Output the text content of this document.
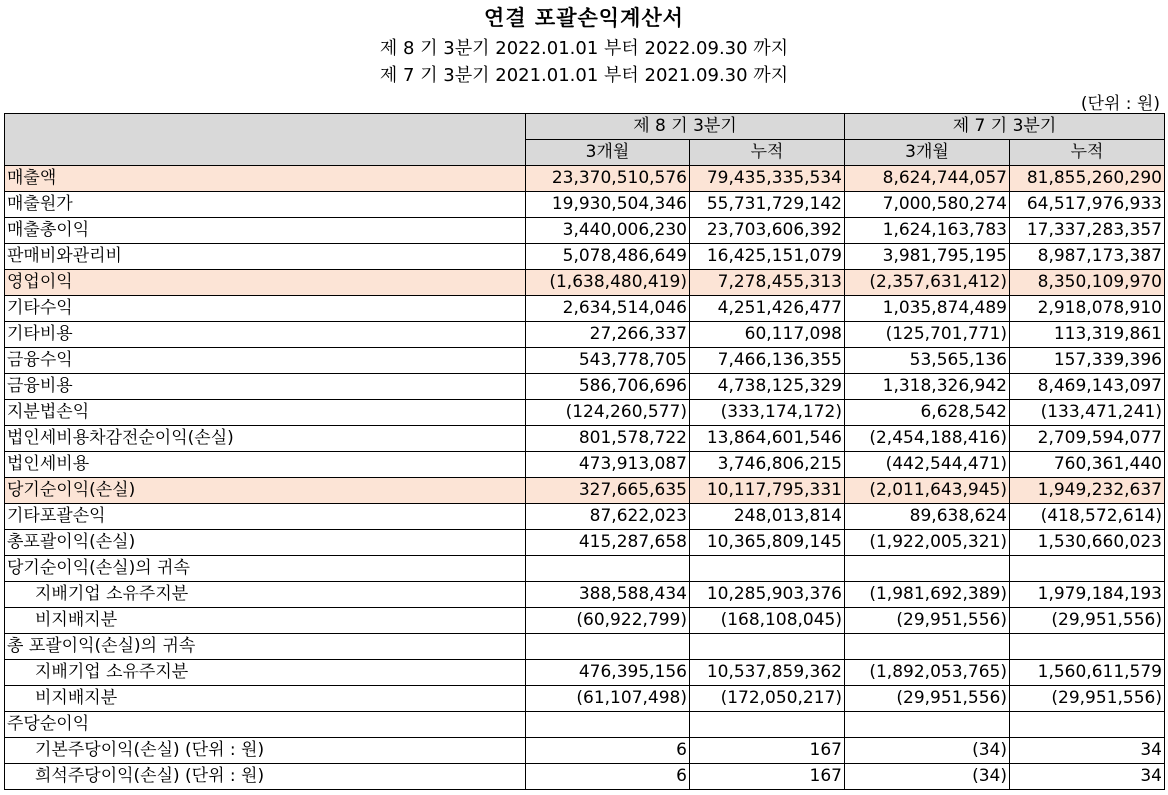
연결 포괄손익계산서
제 8 기 3분기 2022.01.01 부터 2022.09.30 까지
제 7 기 3분기 2021.01.01 부터 2021.09.30 까지
(단위 : 원)
	제 8 기 3분기		제 7 기 3분기	
	3개월	누적	3개월	누적
매출액	23,370,510,576	79,435,335,534	8,624,744,057	81,855,260,290
매출원가	19,930,504,346	55,731,729,142	7,000,580,274	64,517,976,933
매출총이익	3,440,006,230	23,703,606,392	1,624,163,783	17,337,283,357
판매비와관리비	5,078,486,649	16,425,151,079	3,981,795,195	8,987,173,387
영업이익	(1,638,480,419)	7,278,455,313	(2,357,631,412)	8,350,109,970
기타수익	2,634,514,046	4,251,426,477	1,035,874,489	2,918,078,910
기타비용	27,266,337	60,117,098	(125,701,771)	113,319,861
금융수익	543,778,705	7,466,136,355	53,565,136	157,339,396
금융비용	586,706,696	4,738,125,329	1,318,326,942	8,469,143,097
지분법손익	(124,260,577)	(333,174,172)	6,628,542	(133,471,241)
법인세비용차감전순이익(손실)	801,578,722	13,864,601,546	(2,454,188,416)	2,709,594,077
법인세비용	473,913,087	3,746,806,215	(442,544,471)	760,361,440
당기순이익(손실)	327,665,635	10,117,795,331	(2,011,643,945)	1,949,232,637
기타포괄손익	87,622,023	248,013,814	89,638,624	(418,572,614)
총포괄이익(손실)	415,287,658	10,365,809,145	(1,922,005,321)	1,530,660,023
당기순이익(손실)의 귀속				
지배기업 소유주지분	388,588,434	10,285,903,376	(1,981,692,389)	1,979,184,193
비지배지분	(60,922,799)	(168,108,045)	(29,951,556)	(29,951,556)
총 포괄이익(손실)의 귀속				
지배기업 소유주지분	476,395,156	10,537,859,362	(1,892,053,765)	1,560,611,579
비지배지분	(61,107,498)	(172,050,217)	(29,951,556)	(29,951,556)
주당순이익				
기본주당이익(손실) (단위 : 원)	6	167	(34)	34
희석주당이익(손실) (단위 : 원)	6	167	(34)	34
